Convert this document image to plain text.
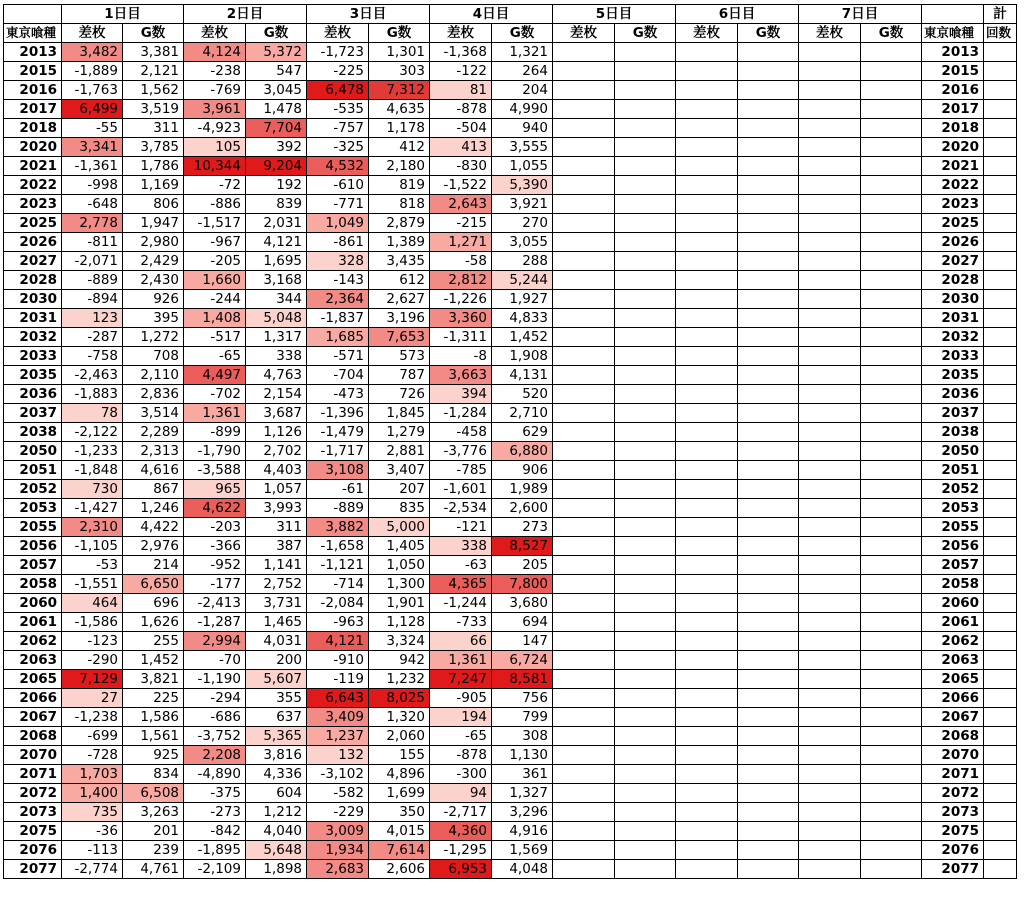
	1日目		2日目		3日目		4日目		5日目		6日目		7日目			計
東京喰種	差枚	G数	差枚	G数	差枚	G数	差枚	G数	差枚	G数	差枚	G数	差枚	G数	東京喰種	回数
2013	3,482	3,381	4,124	5,372	-1,723	1,301	-1,368	1,321							2013	
2015	-1,889	2,121	-238	547	-225	303	-122	264							2015	
2016	-1,763	1,562	-769	3,045	6,478	7,312	81	204							2016	
2017	6,499	3,519	3,961	1,478	-535	4,635	-878	4,990							2017	
2018	-55	311	-4,923	7,704	-757	1,178	-504	940							2018	
2020	3,341	3,785	105	392	-325	412	413	3,555							2020	
2021	-1,361	1,786	10,344	9,204	4,532	2,180	-830	1,055							2021	
2022	-998	1,169	-72	192	-610	819	-1,522	5,390							2022	
2023	-648	806	-886	839	-771	818	2,643	3,921							2023	
2025	2,778	1,947	-1,517	2,031	1,049	2,879	-215	270							2025	
2026	-811	2,980	-967	4,121	-861	1,389	1,271	3,055							2026	
2027	-2,071	2,429	-205	1,695	328	3,435	-58	288							2027	
2028	-889	2,430	1,660	3,168	-143	612	2,812	5,244							2028	
2030	-894	926	-244	344	2,364	2,627	-1,226	1,927							2030	
2031	123	395	1,408	5,048	-1,837	3,196	3,360	4,833							2031	
2032	-287	1,272	-517	1,317	1,685	7,653	-1,311	1,452							2032	
2033	-758	708	-65	338	-571	573	-8	1,908							2033	
2035	-2,463	2,110	4,497	4,763	-704	787	3,663	4,131							2035	
2036	-1,883	2,836	-702	2,154	-473	726	394	520							2036	
2037	78	3,514	1,361	3,687	-1,396	1,845	-1,284	2,710							2037	
2038	-2,122	2,289	-899	1,126	-1,479	1,279	-458	629							2038	
2050	-1,233	2,313	-1,790	2,702	-1,717	2,881	-3,776	6,880							2050	
2051	-1,848	4,616	-3,588	4,403	3,108	3,407	-785	906							2051	
2052	730	867	965	1,057	-61	207	-1,601	1,989							2052	
2053	-1,427	1,246	4,622	3,993	-889	835	-2,534	2,600							2053	
2055	2,310	4,422	-203	311	3,882	5,000	-121	273							2055	
2056	-1,105	2,976	-366	387	-1,658	1,405	338	8,527							2056	
2057	-53	214	-952	1,141	-1,121	1,050	-63	205							2057	
2058	-1,551	6,650	-177	2,752	-714	1,300	4,365	7,800							2058	
2060	464	696	-2,413	3,731	-2,084	1,901	-1,244	3,680							2060	
2061	-1,586	1,626	-1,287	1,465	-963	1,128	-733	694							2061	
2062	-123	255	2,994	4,031	4,121	3,324	66	147							2062	
2063	-290	1,452	-70	200	-910	942	1,361	6,724							2063	
2065	7,129	3,821	-1,190	5,607	-119	1,232	7,247	8,581							2065	
2066	27	225	-294	355	6,643	8,025	-905	756							2066	
2067	-1,238	1,586	-686	637	3,409	1,320	194	799							2067	
2068	-699	1,561	-3,752	5,365	1,237	2,060	-65	308							2068	
2070	-728	925	2,208	3,816	132	155	-878	1,130							2070	
2071	1,703	834	-4,890	4,336	-3,102	4,896	-300	361							2071	
2072	1,400	6,508	-375	604	-582	1,699	94	1,327							2072	
2073	735	3,263	-273	1,212	-229	350	-2,717	3,296							2073	
2075	-36	201	-842	4,040	3,009	4,015	4,360	4,916							2075	
2076	-113	239	-1,895	5,648	1,934	7,614	-1,295	1,569							2076	
2077	-2,774	4,761	-2,109	1,898	2,683	2,606	6,953	4,048							2077	
